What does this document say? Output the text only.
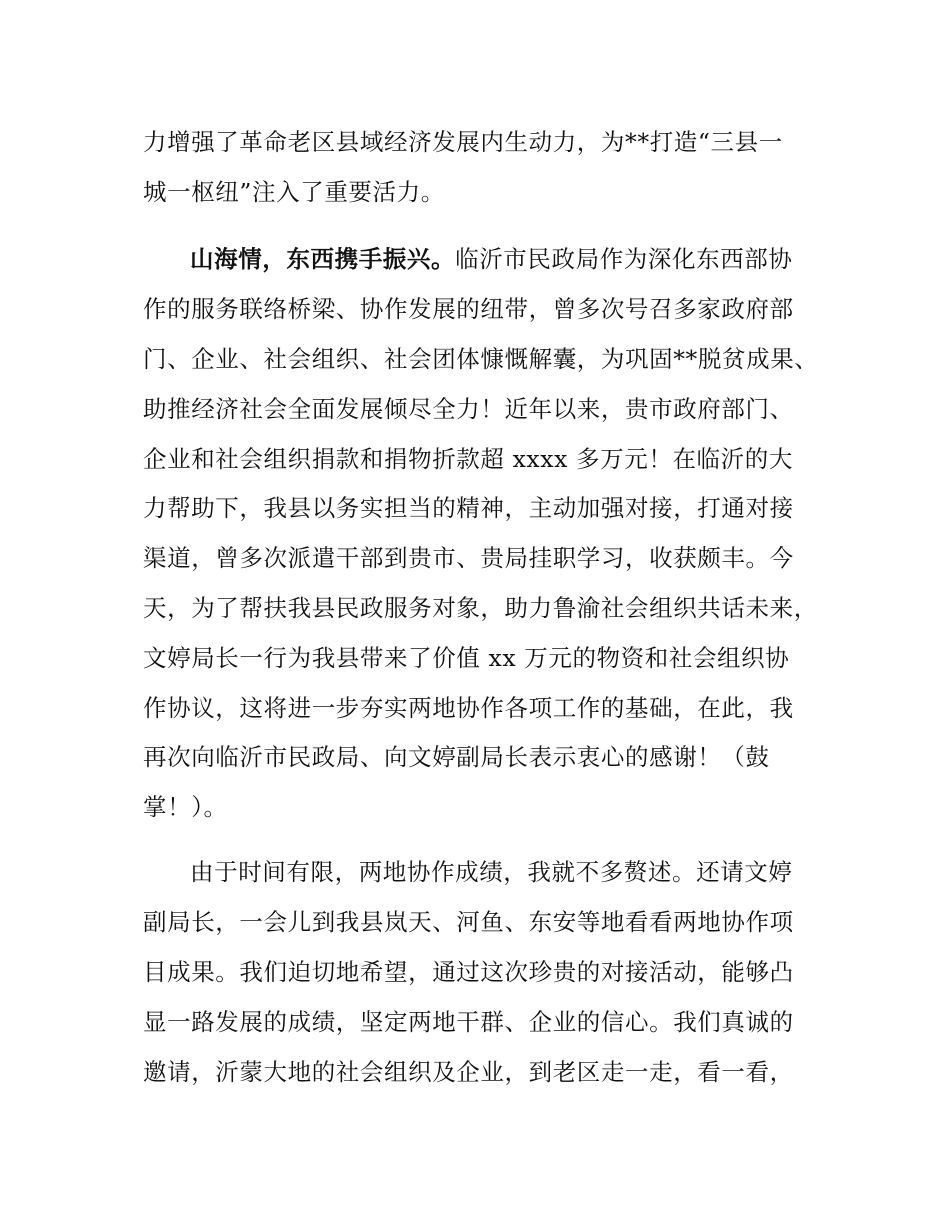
力增强了革命老区县域经济发展内生动力，为**打造“三县一
城一枢纽”注入了重要活力。
山海情，东西携手振兴。临沂市民政局作为深化东西部协
作的服务联络桥梁、协作发展的纽带，曾多次号召多家政府部
门、企业、社会组织、社会团体慷慨解囊，为巩固**脱贫成果、
助推经济社会全面发展倾尽全力！近年以来，贵市政府部门、
企业和社会组织捐款和捐物折款超 xxxx 多万元！在临沂的大
力帮助下，我县以务实担当的精神，主动加强对接，打通对接
渠道，曾多次派遣干部到贵市、贵局挂职学习，收获颇丰。今
天，为了帮扶我县民政服务对象，助力鲁渝社会组织共话未来，
文婷局长一行为我县带来了价值 xx 万元的物资和社会组织协
作协议，这将进一步夯实两地协作各项工作的基础，在此，我
再次向临沂市民政局、向文婷副局长表示衷心的感谢！（鼓
掌！）。
由于时间有限，两地协作成绩，我就不多赘述。还请文婷
副局长，一会儿到我县岚天、河鱼、东安等地看看两地协作项
目成果。我们迫切地希望，通过这次珍贵的对接活动，能够凸
显一路发展的成绩，坚定两地干群、企业的信心。我们真诚的
邀请，沂蒙大地的社会组织及企业，到老区走一走，看一看，
